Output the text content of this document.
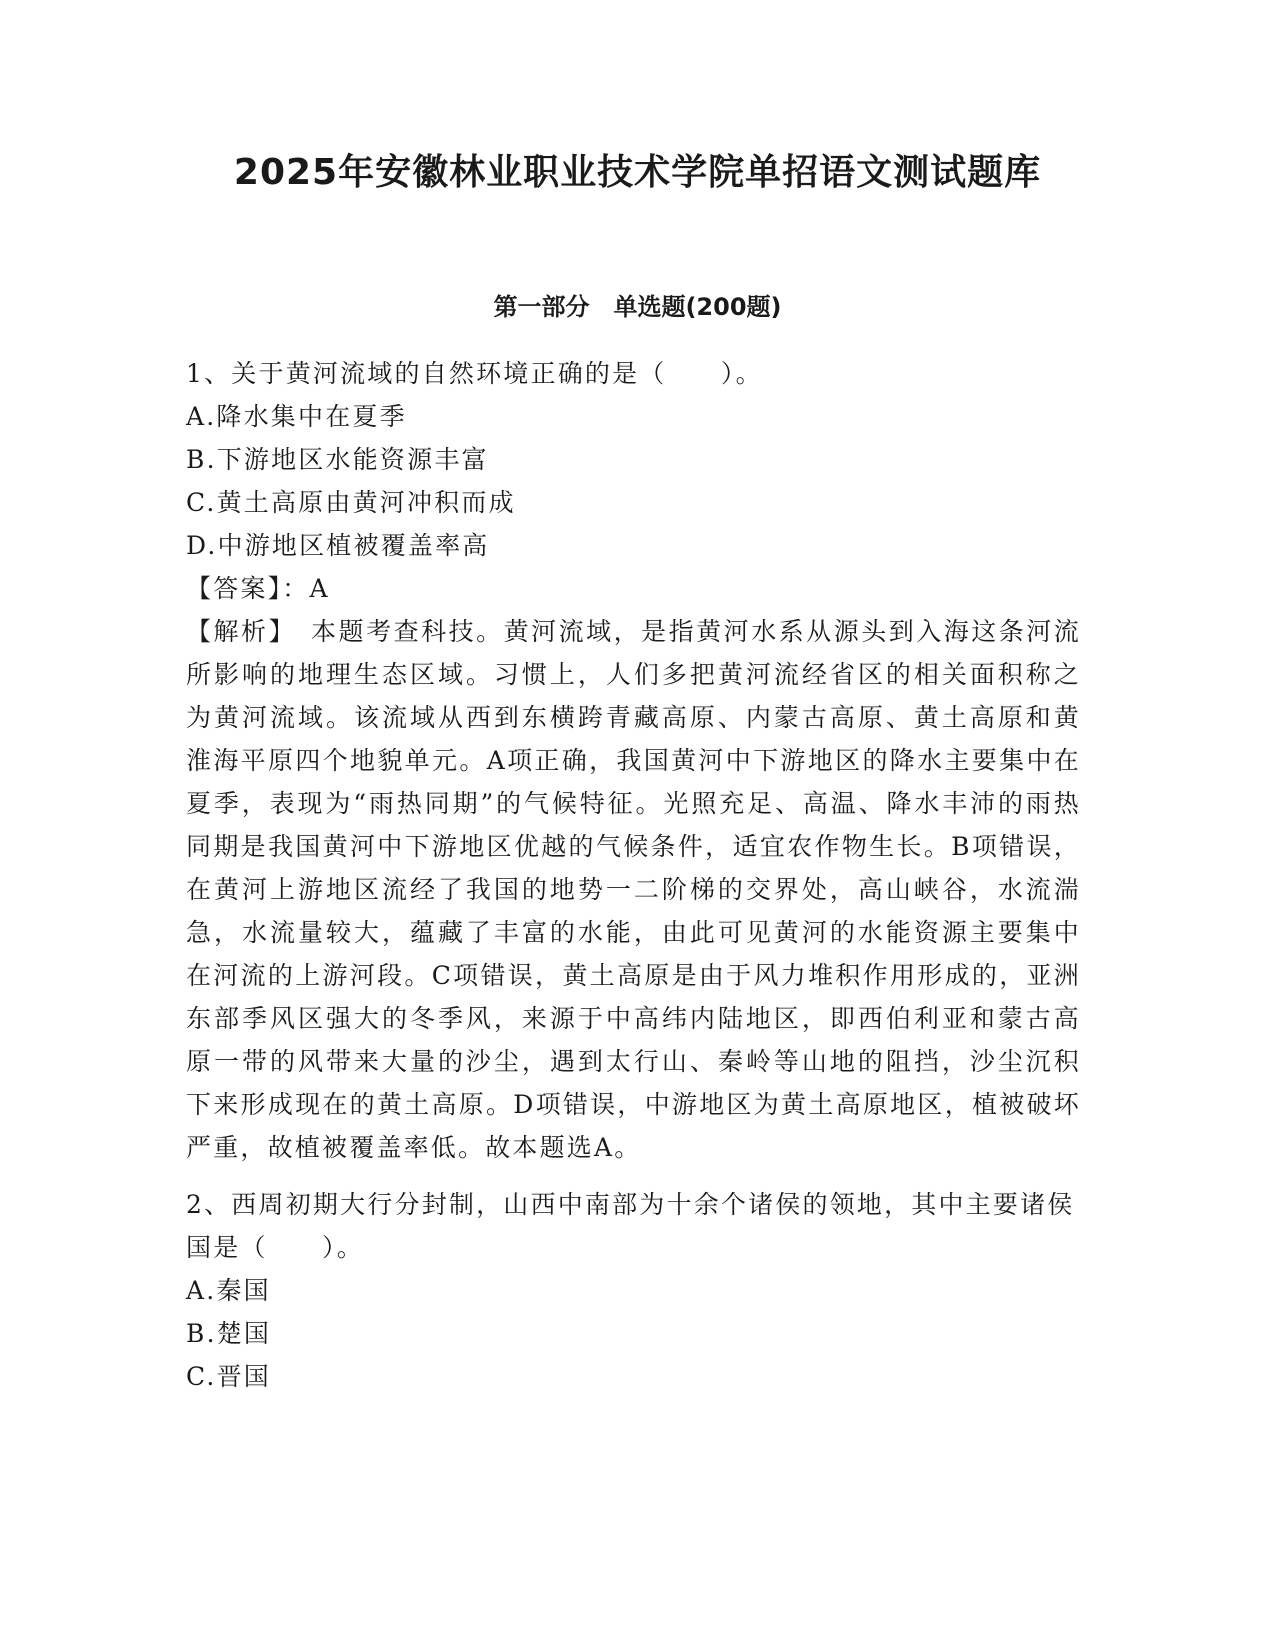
2025年安徽林业职业技术学院单招语文测试题库
第一部分　单选题(200题)

1、关于黄河流域的自然环境正确的是（　　）。

A.降水集中在夏季

B.下游地区水能资源丰富

C.黄土高原由黄河冲积而成

D.中游地区植被覆盖率高

【答案】：A

【解析】　本题考查科技。黄河流域，是指黄河水系从源头到入海这条河流所影响的地理生态区域。习惯上，人们多把黄河流经省区的相关面积称之为黄河流域。该流域从西到东横跨青藏高原、内蒙古高原、黄土高原和黄淮海平原四个地貌单元。A项正确，我国黄河中下游地区的降水主要集中在夏季，表现为“雨热同期”的气候特征。光照充足、高温、降水丰沛的雨热同期是我国黄河中下游地区优越的气候条件，适宜农作物生长。B项错误，在黄河上游地区流经了我国的地势一二阶梯的交界处，高山峡谷，水流湍急，水流量较大，蕴藏了丰富的水能，由此可见黄河的水能资源主要集中在河流的上游河段。C项错误，黄土高原是由于风力堆积作用形成的，亚洲东部季风区强大的冬季风，来源于中高纬内陆地区，即西伯利亚和蒙古高原一带的风带来大量的沙尘，遇到太行山、秦岭等山地的阻挡，沙尘沉积下来形成现在的黄土高原。D项错误，中游地区为黄土高原地区，植被破坏严重，故植被覆盖率低。故本题选A。

2、西周初期大行分封制，山西中南部为十余个诸侯的领地，其中主要诸侯国是（　　）。

A.秦国

B.楚国

C.晋国
